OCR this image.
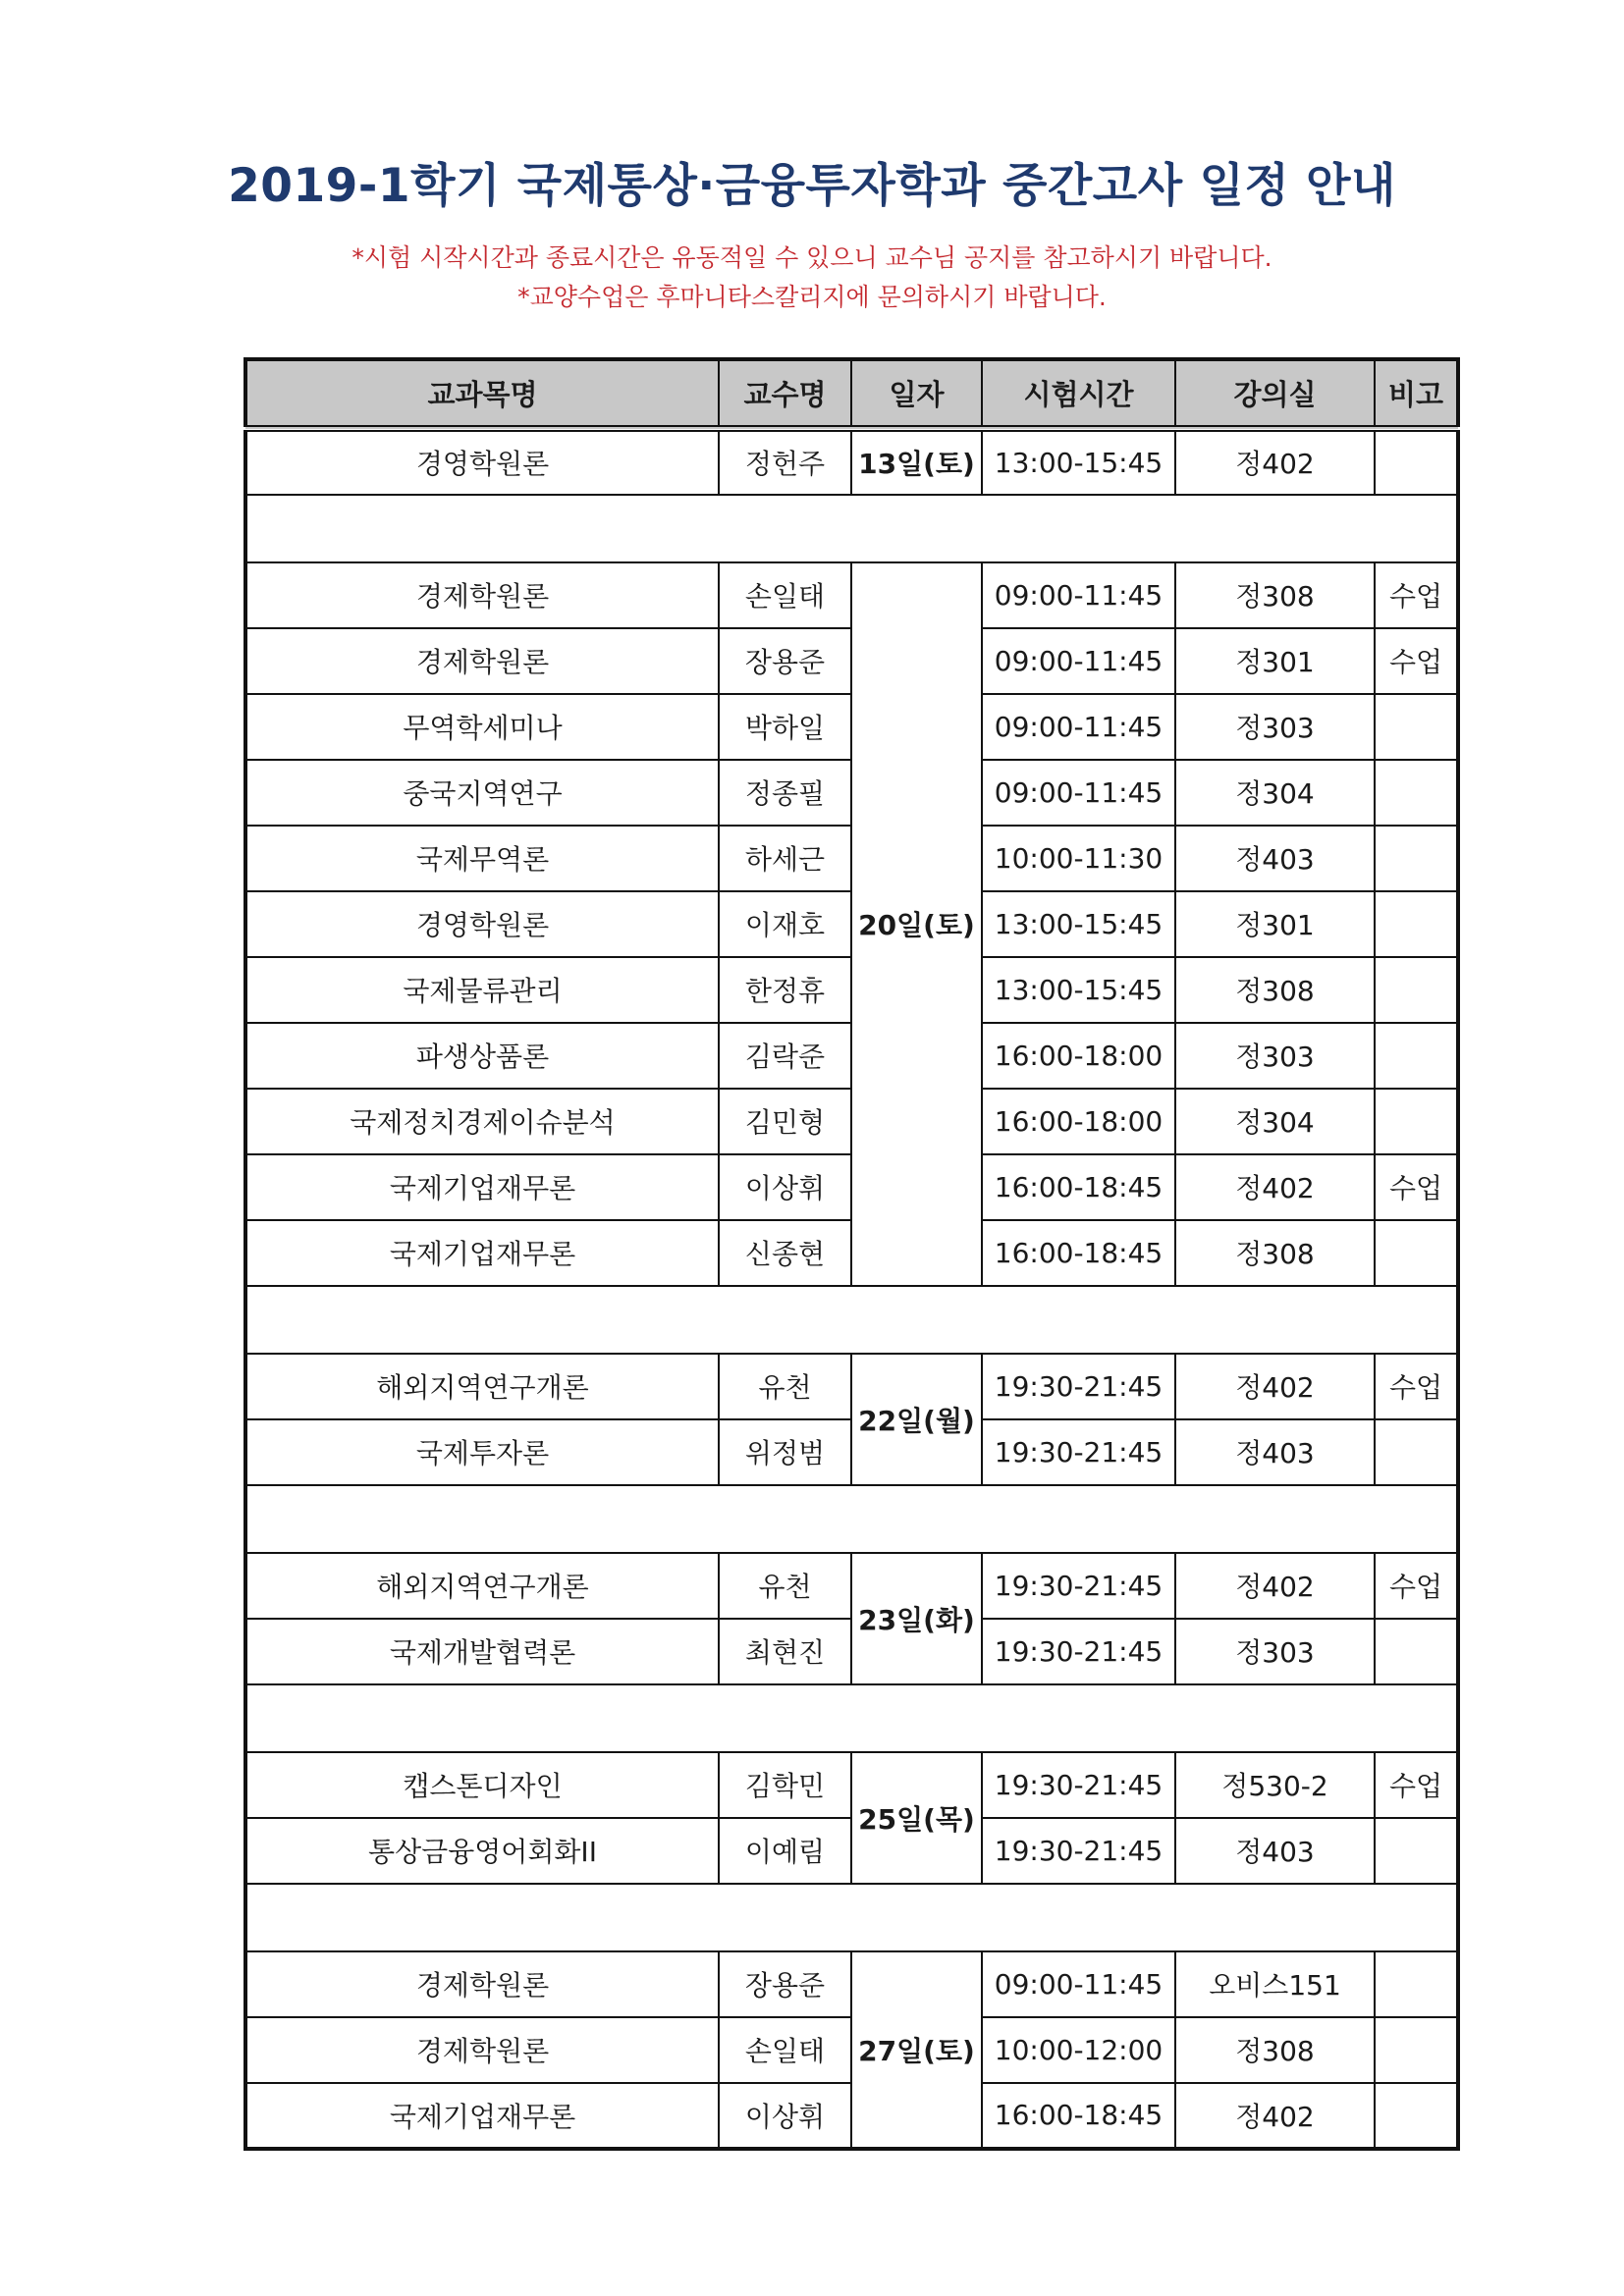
2019-1학기 국제통상·금융투자학과 중간고사 일정 안내
*시험 시작시간과 종료시간은 유동적일 수 있으니 교수님 공지를 참고하시기 바랍니다.
*교양수업은 후마니타스칼리지에 문의하시기 바랍니다.
교과목명	교수명	일자	시험시간	강의실	비고
경영학원론	정헌주	13일(토)	13:00-15:45	정402	

경제학원론	손일태	20일(토)	09:00-11:45	정308	수업
경제학원론	장용준		09:00-11:45	정301	수업
무역학세미나	박하일		09:00-11:45	정303	
중국지역연구	정종필		09:00-11:45	정304	
국제무역론	하세근		10:00-11:30	정403	
경영학원론	이재호		13:00-15:45	정301	
국제물류관리	한정휴		13:00-15:45	정308	
파생상품론	김락준		16:00-18:00	정303	
국제정치경제이슈분석	김민형		16:00-18:00	정304	
국제기업재무론	이상휘		16:00-18:45	정402	수업
국제기업재무론	신종현		16:00-18:45	정308	

해외지역연구개론	유천	22일(월)	19:30-21:45	정402	수업
국제투자론	위정범		19:30-21:45	정403	

해외지역연구개론	유천	23일(화)	19:30-21:45	정402	수업
국제개발협력론	최현진		19:30-21:45	정303	

캡스톤디자인	김학민	25일(목)	19:30-21:45	정530-2	수업
통상금융영어회화II	이예림		19:30-21:45	정403	

경제학원론	장용준	27일(토)	09:00-11:45	오비스151	
경제학원론	손일태		10:00-12:00	정308	
국제기업재무론	이상휘		16:00-18:45	정402	
